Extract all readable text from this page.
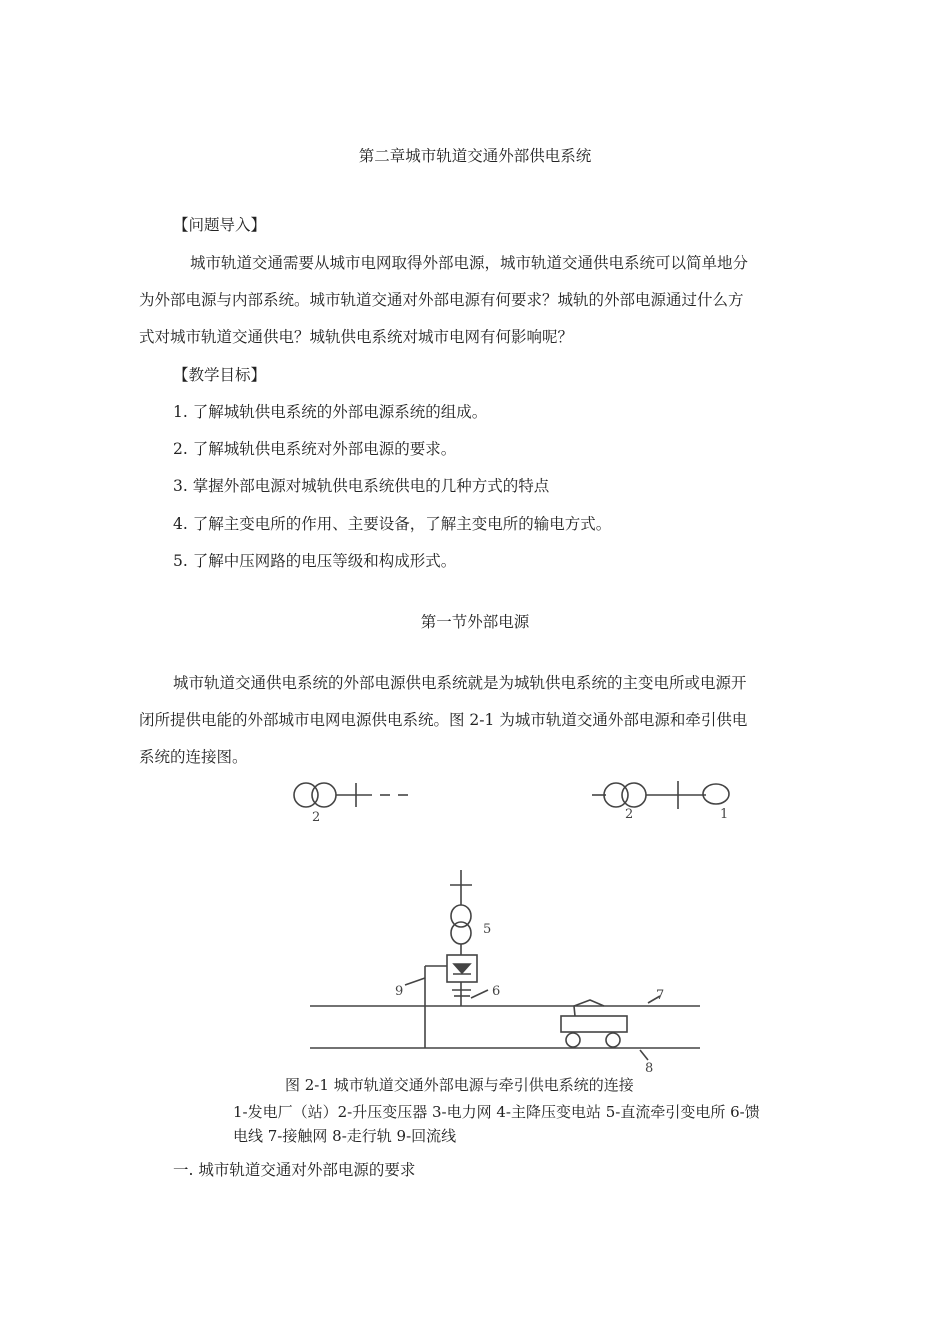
第二章城市轨道交通外部供电系统
【问题导入】
城市轨道交通需要从城市电网取得外部电源，城市轨道交通供电系统可以简单地分
为外部电源与内部系统。城市轨道交通对外部电源有何要求？城轨的外部电源通过什么方
式对城市轨道交通供电？城轨供电系统对城市电网有何影响呢？
【教学目标】
1. 了解城轨供电系统的外部电源系统的组成。
2. 了解城轨供电系统对外部电源的要求。
3. 掌握外部电源对城轨供电系统供电的几种方式的特点
4. 了解主变电所的作用、主要设备，了解主变电所的输电方式。
5. 了解中压网路的电压等级和构成形式。
第一节外部电源
城市轨道交通供电系统的外部电源供电系统就是为城轨供电系统的主变电所或电源开
闭所提供电能的外部城市电网电源供电系统。图 2-1 为城市轨道交通外部电源和牵引供电
系统的连接图。
2	2	1
5
9	6	7
8
图 2-1 城市轨道交通外部电源与牵引供电系统的连接
1-发电厂（站）2-升压变压器 3-电力网 4-主降压变电站 5-直流牵引变电所 6-馈
电线 7-接触网 8-走行轨 9-回流线
一. 城市轨道交通对外部电源的要求
